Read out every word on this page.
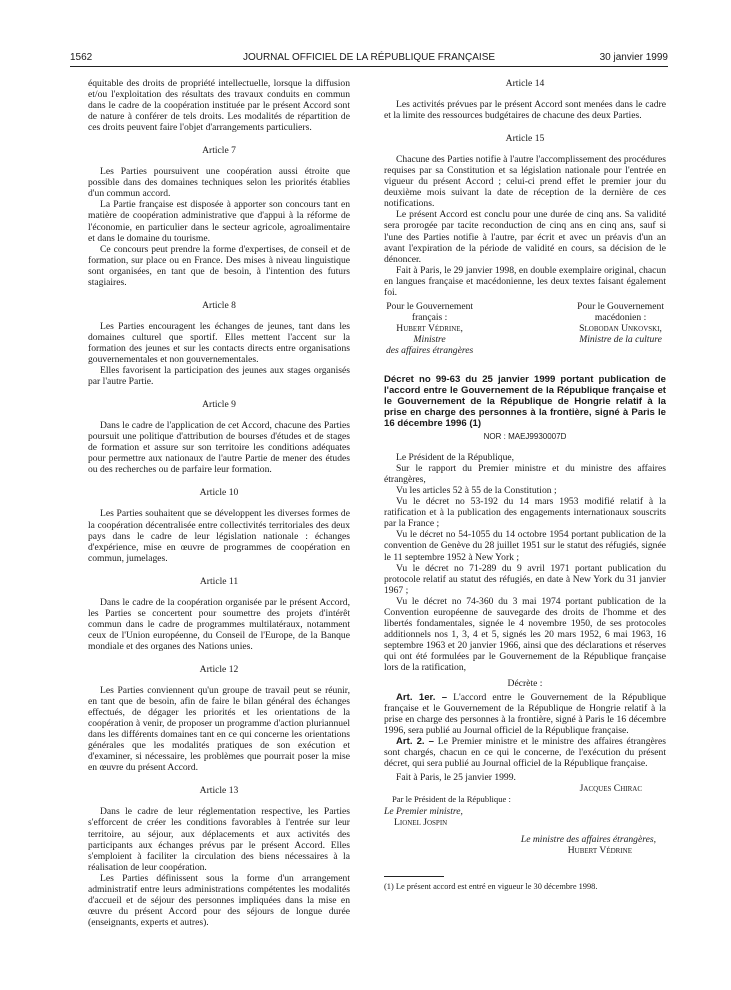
1562	JOURNAL OFFICIEL DE LA RÉPUBLIQUE FRANÇAISE	30 janvier 1999

équitable des droits de propriété intellectuelle, lorsque la diffusion et/ou l'exploitation des résultats des travaux conduits en commun dans le cadre de la coopération instituée par le présent Accord sont de nature à conférer de tels droits. Les modalités de répartition de ces droits peuvent faire l'objet d'arrangements particuliers.

Article 7

Les Parties poursuivent une coopération aussi étroite que possible dans des domaines techniques selon les priorités établies d'un commun accord.

La Partie française est disposée à apporter son concours tant en matière de coopération administrative que d'appui à la réforme de l'économie, en particulier dans le secteur agricole, agroalimentaire et dans le domaine du tourisme.

Ce concours peut prendre la forme d'expertises, de conseil et de formation, sur place ou en France. Des mises à niveau linguistique sont organisées, en tant que de besoin, à l'intention des futurs stagiaires.

Article 8

Les Parties encouragent les échanges de jeunes, tant dans les domaines culturel que sportif. Elles mettent l'accent sur la formation des jeunes et sur les contacts directs entre organisations gouvernementales et non gouvernementales.

Elles favorisent la participation des jeunes aux stages organisés par l'autre Partie.

Article 9

Dans le cadre de l'application de cet Accord, chacune des Parties poursuit une politique d'attribution de bourses d'études et de stages de formation et assure sur son territoire les conditions adéquates pour permettre aux nationaux de l'autre Partie de mener des études ou des recherches ou de parfaire leur formation.

Article 10

Les Parties souhaitent que se développent les diverses formes de la coopération décentralisée entre collectivités territoriales des deux pays dans le cadre de leur législation nationale : échanges d'expérience, mise en œuvre de programmes de coopération en commun, jumelages.

Article 11

Dans le cadre de la coopération organisée par le présent Accord, les Parties se concertent pour soumettre des projets d'intérêt commun dans le cadre de programmes multilatéraux, notamment ceux de l'Union européenne, du Conseil de l'Europe, de la Banque mondiale et des organes des Nations unies.

Article 12

Les Parties conviennent qu'un groupe de travail peut se réunir, en tant que de besoin, afin de faire le bilan général des échanges effectués, de dégager les priorités et les orientations de la coopération à venir, de proposer un programme d'action pluriannuel dans les différents domaines tant en ce qui concerne les orientations générales que les modalités pratiques de son exécution et d'examiner, si nécessaire, les problèmes que pourrait poser la mise en œuvre du présent Accord.

Article 13

Dans le cadre de leur réglementation respective, les Parties s'efforcent de créer les conditions favorables à l'entrée sur leur territoire, au séjour, aux déplacements et aux activités des participants aux échanges prévus par le présent Accord. Elles s'emploient à faciliter la circulation des biens nécessaires à la réalisation de leur coopération.

Les Parties définissent sous la forme d'un arrangement administratif entre leurs administrations compétentes les modalités d'accueil et de séjour des personnes impliquées dans la mise en œuvre du présent Accord pour des séjours de longue durée (enseignants, experts et autres).

Article 14

Les activités prévues par le présent Accord sont menées dans le cadre et la limite des ressources budgétaires de chacune des deux Parties.

Article 15

Chacune des Parties notifie à l'autre l'accomplissement des procédures requises par sa Constitution et sa législation nationale pour l'entrée en vigueur du présent Accord ; celui-ci prend effet le premier jour du deuxième mois suivant la date de réception de la dernière de ces notifications.

Le présent Accord est conclu pour une durée de cinq ans. Sa validité sera prorogée par tacite reconduction de cinq ans en cinq ans, sauf si l'une des Parties notifie à l'autre, par écrit et avec un préavis d'un an avant l'expiration de la période de validité en cours, sa décision de le dénoncer.

Fait à Paris, le 29 janvier 1998, en double exemplaire original, chacun en langues française et macédonienne, les deux textes faisant également foi.

Pour le Gouvernement
français :
Hubert Védrine,
Ministre
des affaires étrangères
Pour le Gouvernement
macédonien :
Slobodan Unkovski,
Ministre de la culture
Décret no 99-63 du 25 janvier 1999 portant publication de l'accord entre le Gouvernement de la République française et le Gouvernement de la République de Hongrie relatif à la prise en charge des personnes à la frontière, signé à Paris le 16 décembre 1996 (1)
NOR : MAEJ9930007D

Le Président de la République,

Sur le rapport du Premier ministre et du ministre des affaires étrangères,

Vu les articles 52 à 55 de la Constitution ;

Vu le décret no 53-192 du 14 mars 1953 modifié relatif à la ratification et à la publication des engagements internationaux souscrits par la France ;

Vu le décret no 54-1055 du 14 octobre 1954 portant publication de la convention de Genève du 28 juillet 1951 sur le statut des réfugiés, signée le 11 septembre 1952 à New York ;

Vu le décret no 71-289 du 9 avril 1971 portant publication du protocole relatif au statut des réfugiés, en date à New York du 31 janvier 1967 ;

Vu le décret no 74-360 du 3 mai 1974 portant publication de la Convention européenne de sauvegarde des droits de l'homme et des libertés fondamentales, signée le 4 novembre 1950, de ses protocoles additionnels nos 1, 3, 4 et 5, signés les 20 mars 1952, 6 mai 1963, 16 septembre 1963 et 20 janvier 1966, ainsi que des déclarations et réserves qui ont été formulées par le Gouvernement de la République française lors de la ratification,

Décrète :

Art. 1er. – L'accord entre le Gouvernement de la République française et le Gouvernement de la République de Hongrie relatif à la prise en charge des personnes à la frontière, signé à Paris le 16 décembre 1996, sera publié au Journal officiel de la République française.

Art. 2. – Le Premier ministre et le ministre des affaires étrangères sont chargés, chacun en ce qui le concerne, de l'exécution du présent décret, qui sera publié au Journal officiel de la République française.

Fait à Paris, le 25 janvier 1999.

Jacques Chirac
Par le Président de la République :
Le Premier ministre,
Lionel Jospin
Le ministre des affaires étrangères,
Hubert Védrine

(1) Le présent accord est entré en vigueur le 30 décembre 1998.
